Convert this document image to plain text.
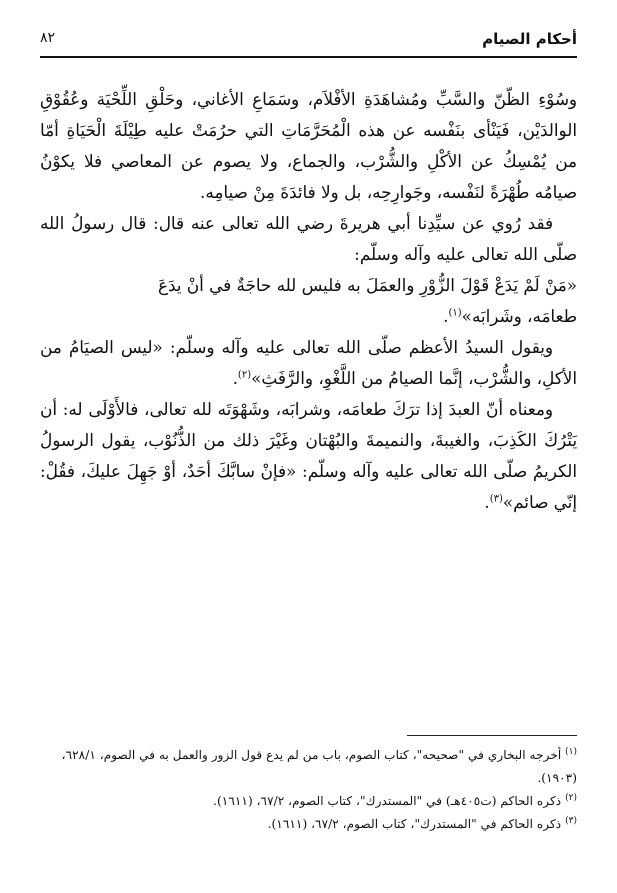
أحكام الصيام
٨٢

وسُوْءِ الظّنّ والسَّبِّ ومُشاهَدَةِ الأفْلاَم، وسَمَاعِ الأغاني، وحَلْقِ اللِّحْيَة وعُقُوْقِ الوالدَيْن، فَيَنْأى بنَفْسه عن هذه الْمُحَرَّمَاتِ التي حرُمَتْ عليه طِيْلَةَ الْحَيَاةِ أمّا من يُمْسِكُ عن الأكْلِ والشُّرْب، والجماع، ولا يصوم عن المعاصي فلا يكوْنُ صيامُه طُهْرَةً لنَفْسه، وجَوارِحِه، بل ولا فائدَةَ مِنْ صيامِه.

فقد رُوي عن سيِّدِنا أبي هريرةَ رضي الله تعالى عنه قال: قال رسولُ الله صلّى الله تعالى عليه وآله وسلّم:

«مَنْ لَمْ يَدَعْ قَوْلَ الزُّوْرِ والعمَلَ به فليس لله حاجَةٌ في أنْ يدَعَ
طعامَه، وشَرابَه»$^{(١)}$.

ويقول السيدُ الأعظم صلّى الله تعالى عليه وآله وسلّم: «ليس الصيَامُ من الأكلِ، والشُّرْب، إنَّما الصيامُ من اللَّغْوِ، والرَّفَثِ»$^{(٢)}$.

ومعناه أنّ العبدَ إذا ترَكَ طعامَه، وشرابَه، وشَهْوَتَه لله تعالى، فالأَوْلَى له: أن يَتْرُكَ الكَذِبَ، والغيبةَ، والنميمةَ والبُهْتان وغَيْرَ ذلك من الذُّنُوْب، يقول الرسولُ الكريمُ صلّى الله تعالى عليه وآله وسلّم: «فإنْ سابَّكَ أحَدٌ، أوْ جَهِلَ عليكَ، فقُلْ: إنّي صائم»$^{(٣)}$.

$^{(١)}$ أخرجه البخاري في "صحيحه"، كتاب الصوم، باب من لم يدع قول الزور والعمل به في الصوم، ٦٢٨/١، (١٩٠٣).

$^{(٢)}$ ذكره الحاكم (ت٤٠٥هـ) في "المستدرك"، كتاب الصوم، ٦٧/٢، (١٦١١).

$^{(٣)}$ ذكره الحاكم في "المستدرك"، كتاب الصوم، ٦٧/٢، (١٦١١).
